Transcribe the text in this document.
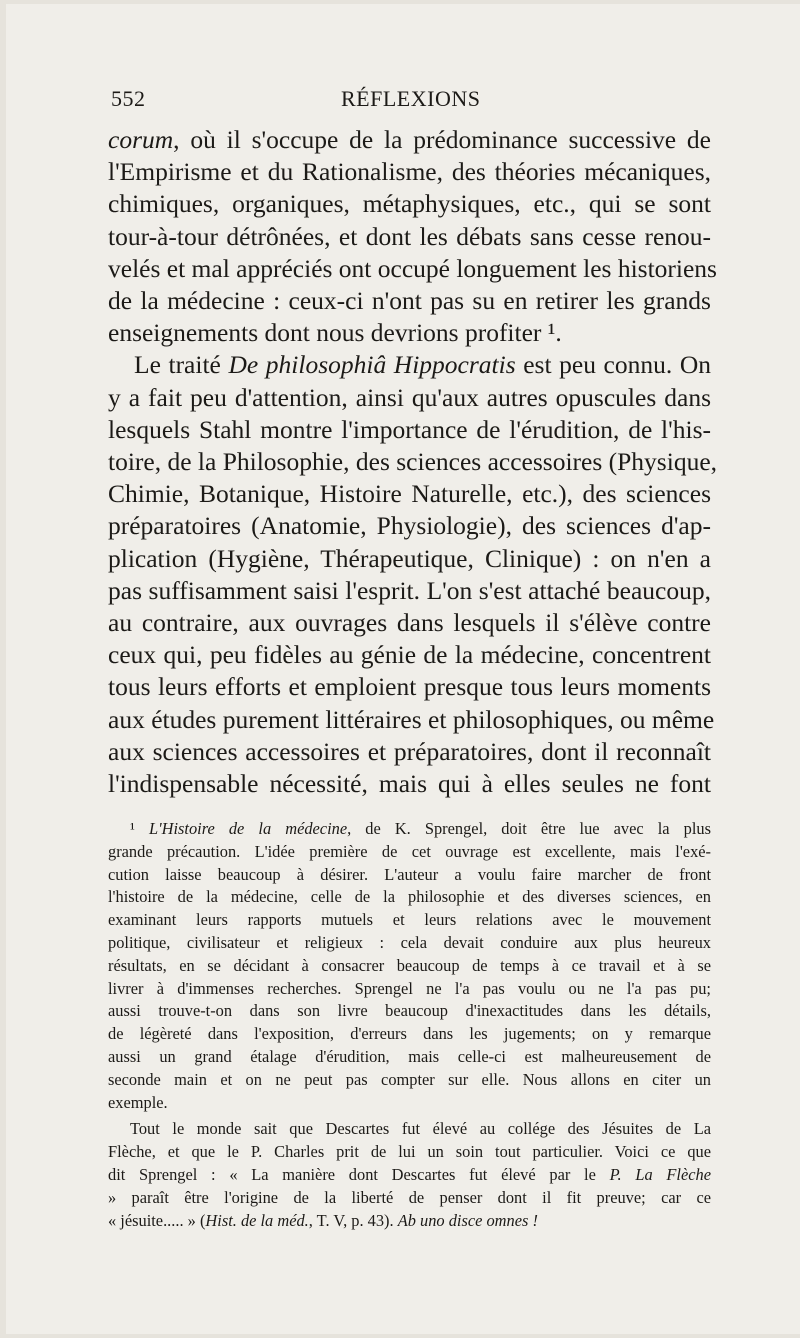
552	RÉFLEXIONS
corum, où il s'occupe de la prédominance successive de
l'Empirisme et du Rationalisme, des théories mécaniques,
chimiques, organiques, métaphysiques, etc., qui se sont
tour-à-tour détrônées, et dont les débats sans cesse renou-
velés et mal appréciés ont occupé longuement les historiens
de la médecine : ceux-ci n'ont pas su en retirer les grands
enseignements dont nous devrions profiter ¹.
Le traité De philosophiâ Hippocratis est peu connu. On
y a fait peu d'attention, ainsi qu'aux autres opuscules dans
lesquels Stahl montre l'importance de l'érudition, de l'his-
toire, de la Philosophie, des sciences accessoires (Physique,
Chimie, Botanique, Histoire Naturelle, etc.), des sciences
préparatoires (Anatomie, Physiologie), des sciences d'ap-
plication (Hygiène, Thérapeutique, Clinique) : on n'en a
pas suffisamment saisi l'esprit. L'on s'est attaché beaucoup,
au contraire, aux ouvrages dans lesquels il s'élève contre
ceux qui, peu fidèles au génie de la médecine, concentrent
tous leurs efforts et emploient presque tous leurs moments
aux études purement littéraires et philosophiques, ou même
aux sciences accessoires et préparatoires, dont il reconnaît
l'indispensable nécessité, mais qui à elles seules ne font
¹ L'Histoire de la médecine, de K. Sprengel, doit être lue avec la plus
grande précaution. L'idée première de cet ouvrage est excellente, mais l'exé-
cution laisse beaucoup à désirer. L'auteur a voulu faire marcher de front
l'histoire de la médecine, celle de la philosophie et des diverses sciences, en
examinant leurs rapports mutuels et leurs relations avec le mouvement
politique, civilisateur et religieux : cela devait conduire aux plus heureux
résultats, en se décidant à consacrer beaucoup de temps à ce travail et à se
livrer à d'immenses recherches. Sprengel ne l'a pas voulu ou ne l'a pas pu;
aussi trouve-t-on dans son livre beaucoup d'inexactitudes dans les détails,
de légèreté dans l'exposition, d'erreurs dans les jugements; on y remarque
aussi un grand étalage d'érudition, mais celle-ci est malheureusement de
seconde main et on ne peut pas compter sur elle. Nous allons en citer un
exemple.
Tout le monde sait que Descartes fut élevé au collége des Jésuites de La
Flèche, et que le P. Charles prit de lui un soin tout particulier. Voici ce que
dit Sprengel : « La manière dont Descartes fut élevé par le P. La Flèche
» paraît être l'origine de la liberté de penser dont il fit preuve; car ce
« jésuite..... » (Hist. de la méd., T. V, p. 43). Ab uno disce omnes !
